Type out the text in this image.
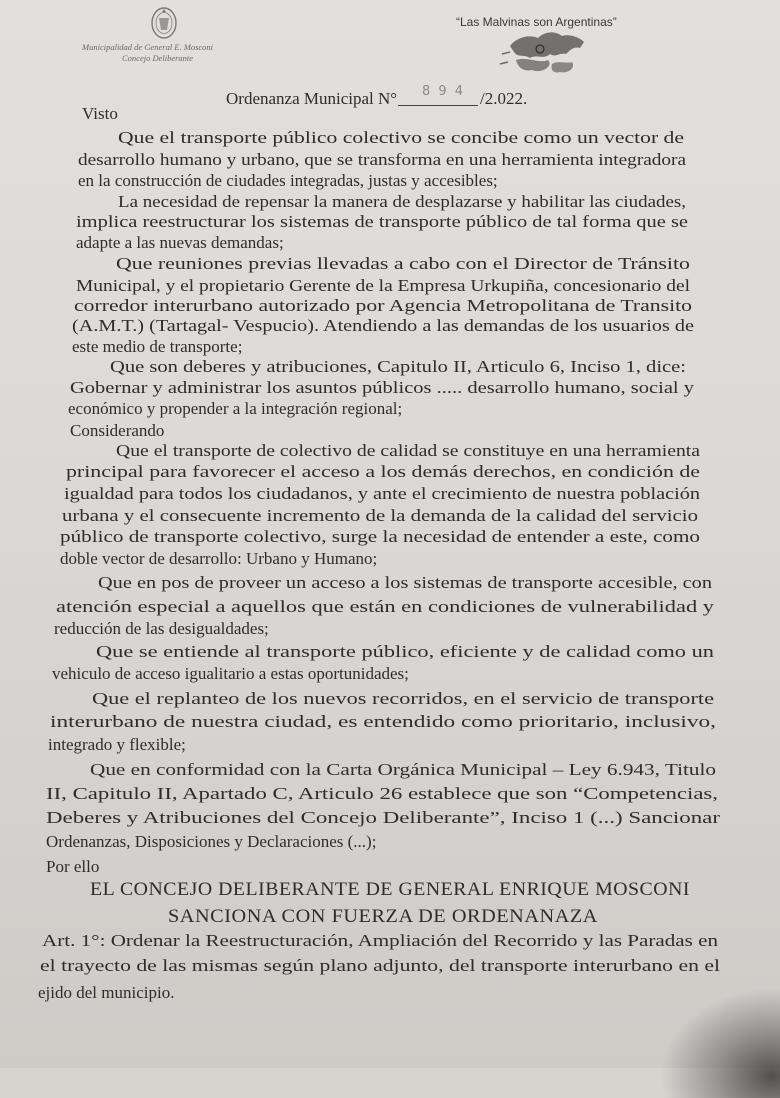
Municipalidad de General E. Mosconi
Concejo Deliberante
“Las Malvinas son Argentinas”
Ordenanza Municipal N° 8 9 4 /2.022.
Visto
Que el transporte público colectivo se concibe como un vector de
desarrollo humano y urbano, que se transforma en una herramienta integradora
en la construcción de ciudades integradas, justas y accesibles;
La necesidad de repensar la manera de desplazarse y habilitar las ciudades,
implica reestructurar los sistemas de transporte público de tal forma que se
adapte a las nuevas demandas;
Que reuniones previas llevadas a cabo con el Director de Tránsito
Municipal, y el propietario Gerente de la Empresa Urkupiña, concesionario del
corredor interurbano autorizado por Agencia Metropolitana de Transito
(A.M.T.) (Tartagal- Vespucio). Atendiendo a las demandas de los usuarios de
este medio de transporte;
Que son deberes y atribuciones, Capitulo II, Articulo 6, Inciso 1, dice:
Gobernar y administrar los asuntos públicos ..... desarrollo humano, social y
económico y propender a la integración regional;
Considerando
Que el transporte de colectivo de calidad se constituye en una herramienta
principal para favorecer el acceso a los demás derechos, en condición de
igualdad para todos los ciudadanos, y ante el crecimiento de nuestra población
urbana y el consecuente incremento de la demanda de la calidad del servicio
público de transporte colectivo, surge la necesidad de entender a este, como
doble vector de desarrollo: Urbano y Humano;
Que en pos de proveer un acceso a los sistemas de transporte accesible, con
atención especial a aquellos que están en condiciones de vulnerabilidad y
reducción de las desigualdades;
Que se entiende al transporte público, eficiente y de calidad como un
vehiculo de acceso igualitario a estas oportunidades;
Que el replanteo de los nuevos recorridos, en el servicio de transporte
interurbano de nuestra ciudad, es entendido como prioritario, inclusivo,
integrado y flexible;
Que en conformidad con la Carta Orgánica Municipal – Ley 6.943, Titulo
II, Capitulo II, Apartado C, Articulo 26 establece que son “Competencias,
Deberes y Atribuciones del Concejo Deliberante”, Inciso 1 (...) Sancionar
Ordenanzas, Disposiciones y Declaraciones (...);
Por ello
EL CONCEJO DELIBERANTE DE GENERAL ENRIQUE MOSCONI
SANCIONA CON FUERZA DE ORDENANAZA
Art. 1°: Ordenar la Reestructuración, Ampliación del Recorrido y las Paradas en
el trayecto de las mismas según plano adjunto, del transporte interurbano en el
ejido del municipio.
